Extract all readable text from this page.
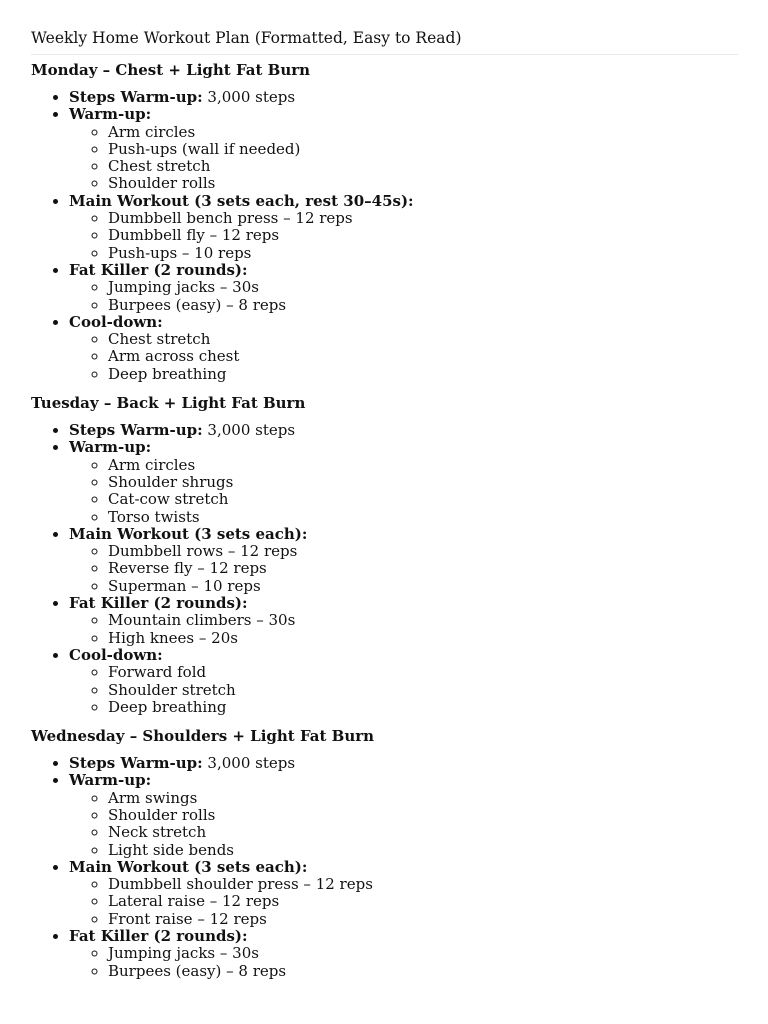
Weekly Home Workout Plan (Formatted, Easy to Read)
Monday – Chest + Light Fat Burn
• Steps Warm-up: 3,000 steps
• Warm-up:
◦ Arm circles
◦ Push-ups (wall if needed)
◦ Chest stretch
◦ Shoulder rolls
• Main Workout (3 sets each, rest 30–45s):
◦ Dumbbell bench press – 12 reps
◦ Dumbbell fly – 12 reps
◦ Push-ups – 10 reps
• Fat Killer (2 rounds):
◦ Jumping jacks – 30s
◦ Burpees (easy) – 8 reps
• Cool-down:
◦ Chest stretch
◦ Arm across chest
◦ Deep breathing
Tuesday – Back + Light Fat Burn
• Steps Warm-up: 3,000 steps
• Warm-up:
◦ Arm circles
◦ Shoulder shrugs
◦ Cat-cow stretch
◦ Torso twists
• Main Workout (3 sets each):
◦ Dumbbell rows – 12 reps
◦ Reverse fly – 12 reps
◦ Superman – 10 reps
• Fat Killer (2 rounds):
◦ Mountain climbers – 30s
◦ High knees – 20s
• Cool-down:
◦ Forward fold
◦ Shoulder stretch
◦ Deep breathing
Wednesday – Shoulders + Light Fat Burn
• Steps Warm-up: 3,000 steps
• Warm-up:
◦ Arm swings
◦ Shoulder rolls
◦ Neck stretch
◦ Light side bends
• Main Workout (3 sets each):
◦ Dumbbell shoulder press – 12 reps
◦ Lateral raise – 12 reps
◦ Front raise – 12 reps
• Fat Killer (2 rounds):
◦ Jumping jacks – 30s
◦ Burpees (easy) – 8 reps
